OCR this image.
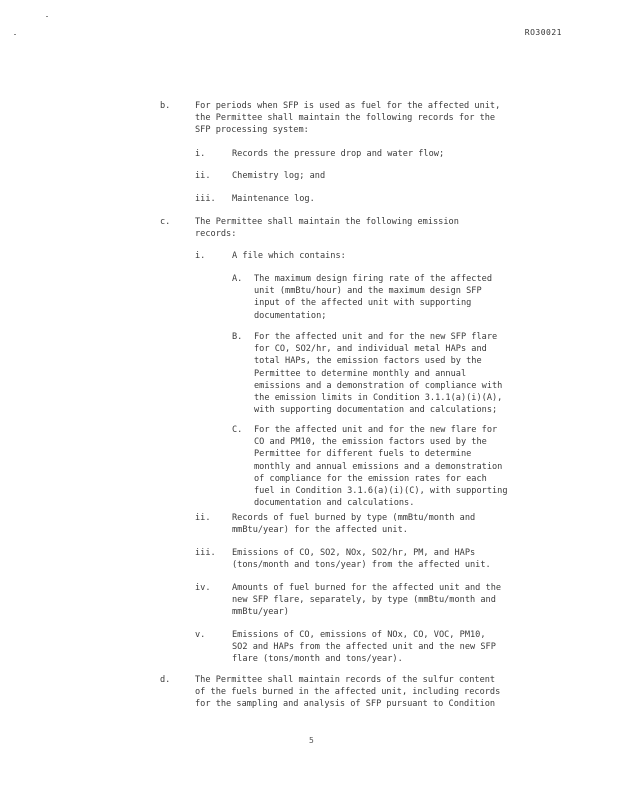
RO30021
b.	For periods when SFP is used as fuel for the affected unit,
the Permittee shall maintain the following records for the
SFP processing system:
i.	Records the pressure drop and water flow;
ii. Chemistry log; and
iii. Maintenance log.
c.	The Permittee shall maintain the following emission
records:
i.	A file which contains:
A. The maximum design firing rate of the affected
unit (mmBtu/hour) and the maximum design SFP
input of the affected unit with supporting
documentation;
B. For the affected unit and for the new SFP flare
for CO, SO2/hr, and individual metal HAPs and
total HAPs, the emission factors used by the
Permittee to determine monthly and annual
emissions and a demonstration of compliance with
the emission limits in Condition 3.1.1(a)(i)(A),
with supporting documentation and calculations;
C. For the affected unit and for the new flare for
CO and PM10, the emission factors used by the
Permittee for different fuels to determine
monthly and annual emissions and a demonstration
of compliance for the emission rates for each
fuel in Condition 3.1.6(a)(i)(C), with supporting
documentation and calculations.
ii. Records of fuel burned by type (mmBtu/month and
mmBtu/year) for the affected unit.
iii. Emissions of CO, SO2, NOx, SO2/hr, PM, and HAPs
(tons/month and tons/year) from the affected unit.
iv. Amounts of fuel burned for the affected unit and the
new SFP flare, separately, by type (mmBtu/month and
mmBtu/year)
v.	Emissions of CO, emissions of NOx, CO, VOC, PM10,
SO2 and HAPs from the affected unit and the new SFP
flare (tons/month and tons/year).
d.	The Permittee shall maintain records of the sulfur content
of the fuels burned in the affected unit, including records
for the sampling and analysis of SFP pursuant to Condition
5
